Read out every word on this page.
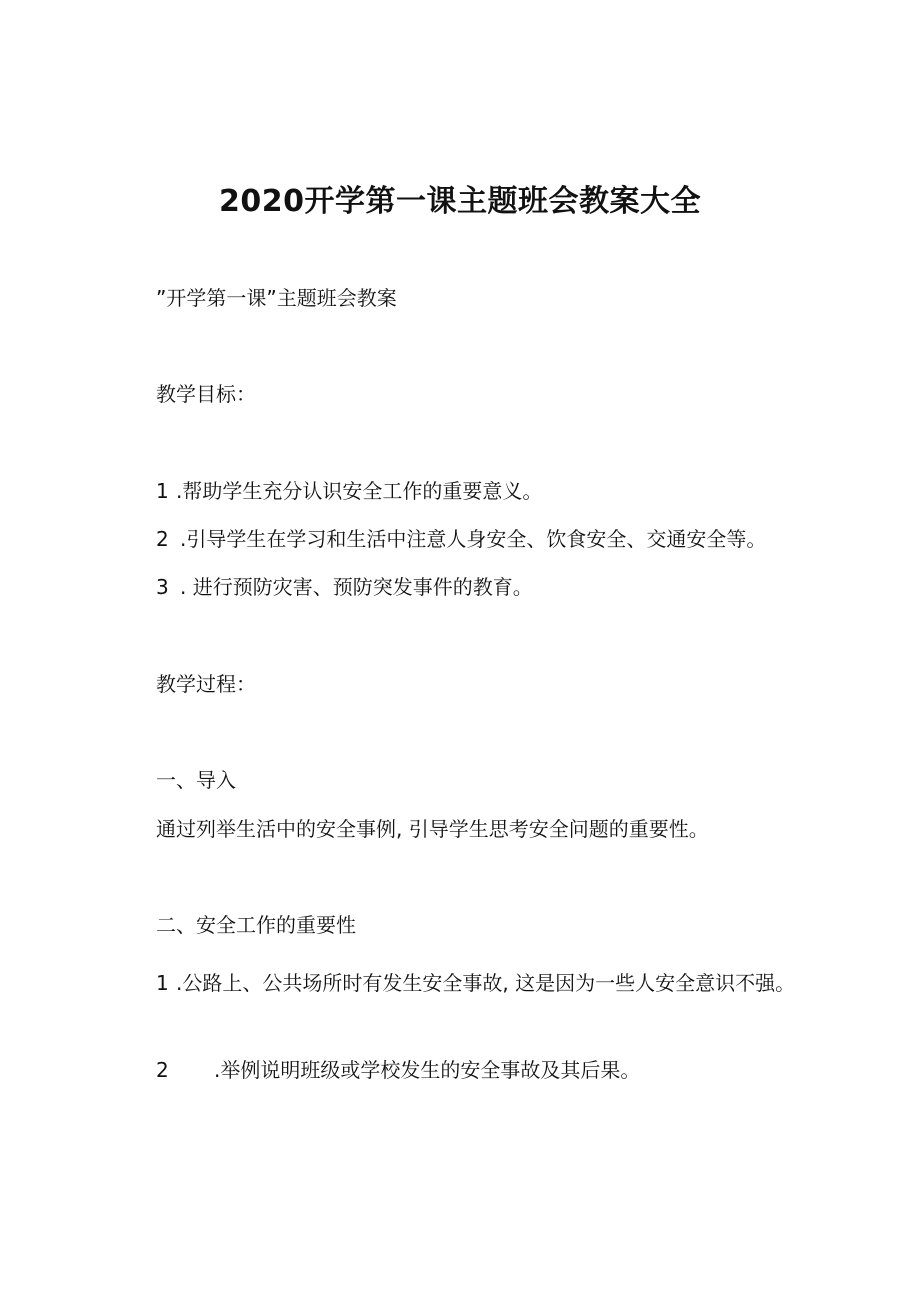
2020开学第一课主题班会教案大全
”开学第一课”主题班会教案
教学目标：
1 .帮助学生充分认识安全工作的重要意义。
2 .引导学生在学习和生活中注意人身安全、饮食安全、交通安全等。
3 . 进行预防灾害、预防突发事件的教育。
教学过程：
一、导入
通过列举生活中的安全事例, 引导学生思考安全问题的重要性。
二、安全工作的重要性
1 .公路上、公共场所时有发生安全事故, 这是因为一些人安全意识不强。
2 .举例说明班级或学校发生的安全事故及其后果。
